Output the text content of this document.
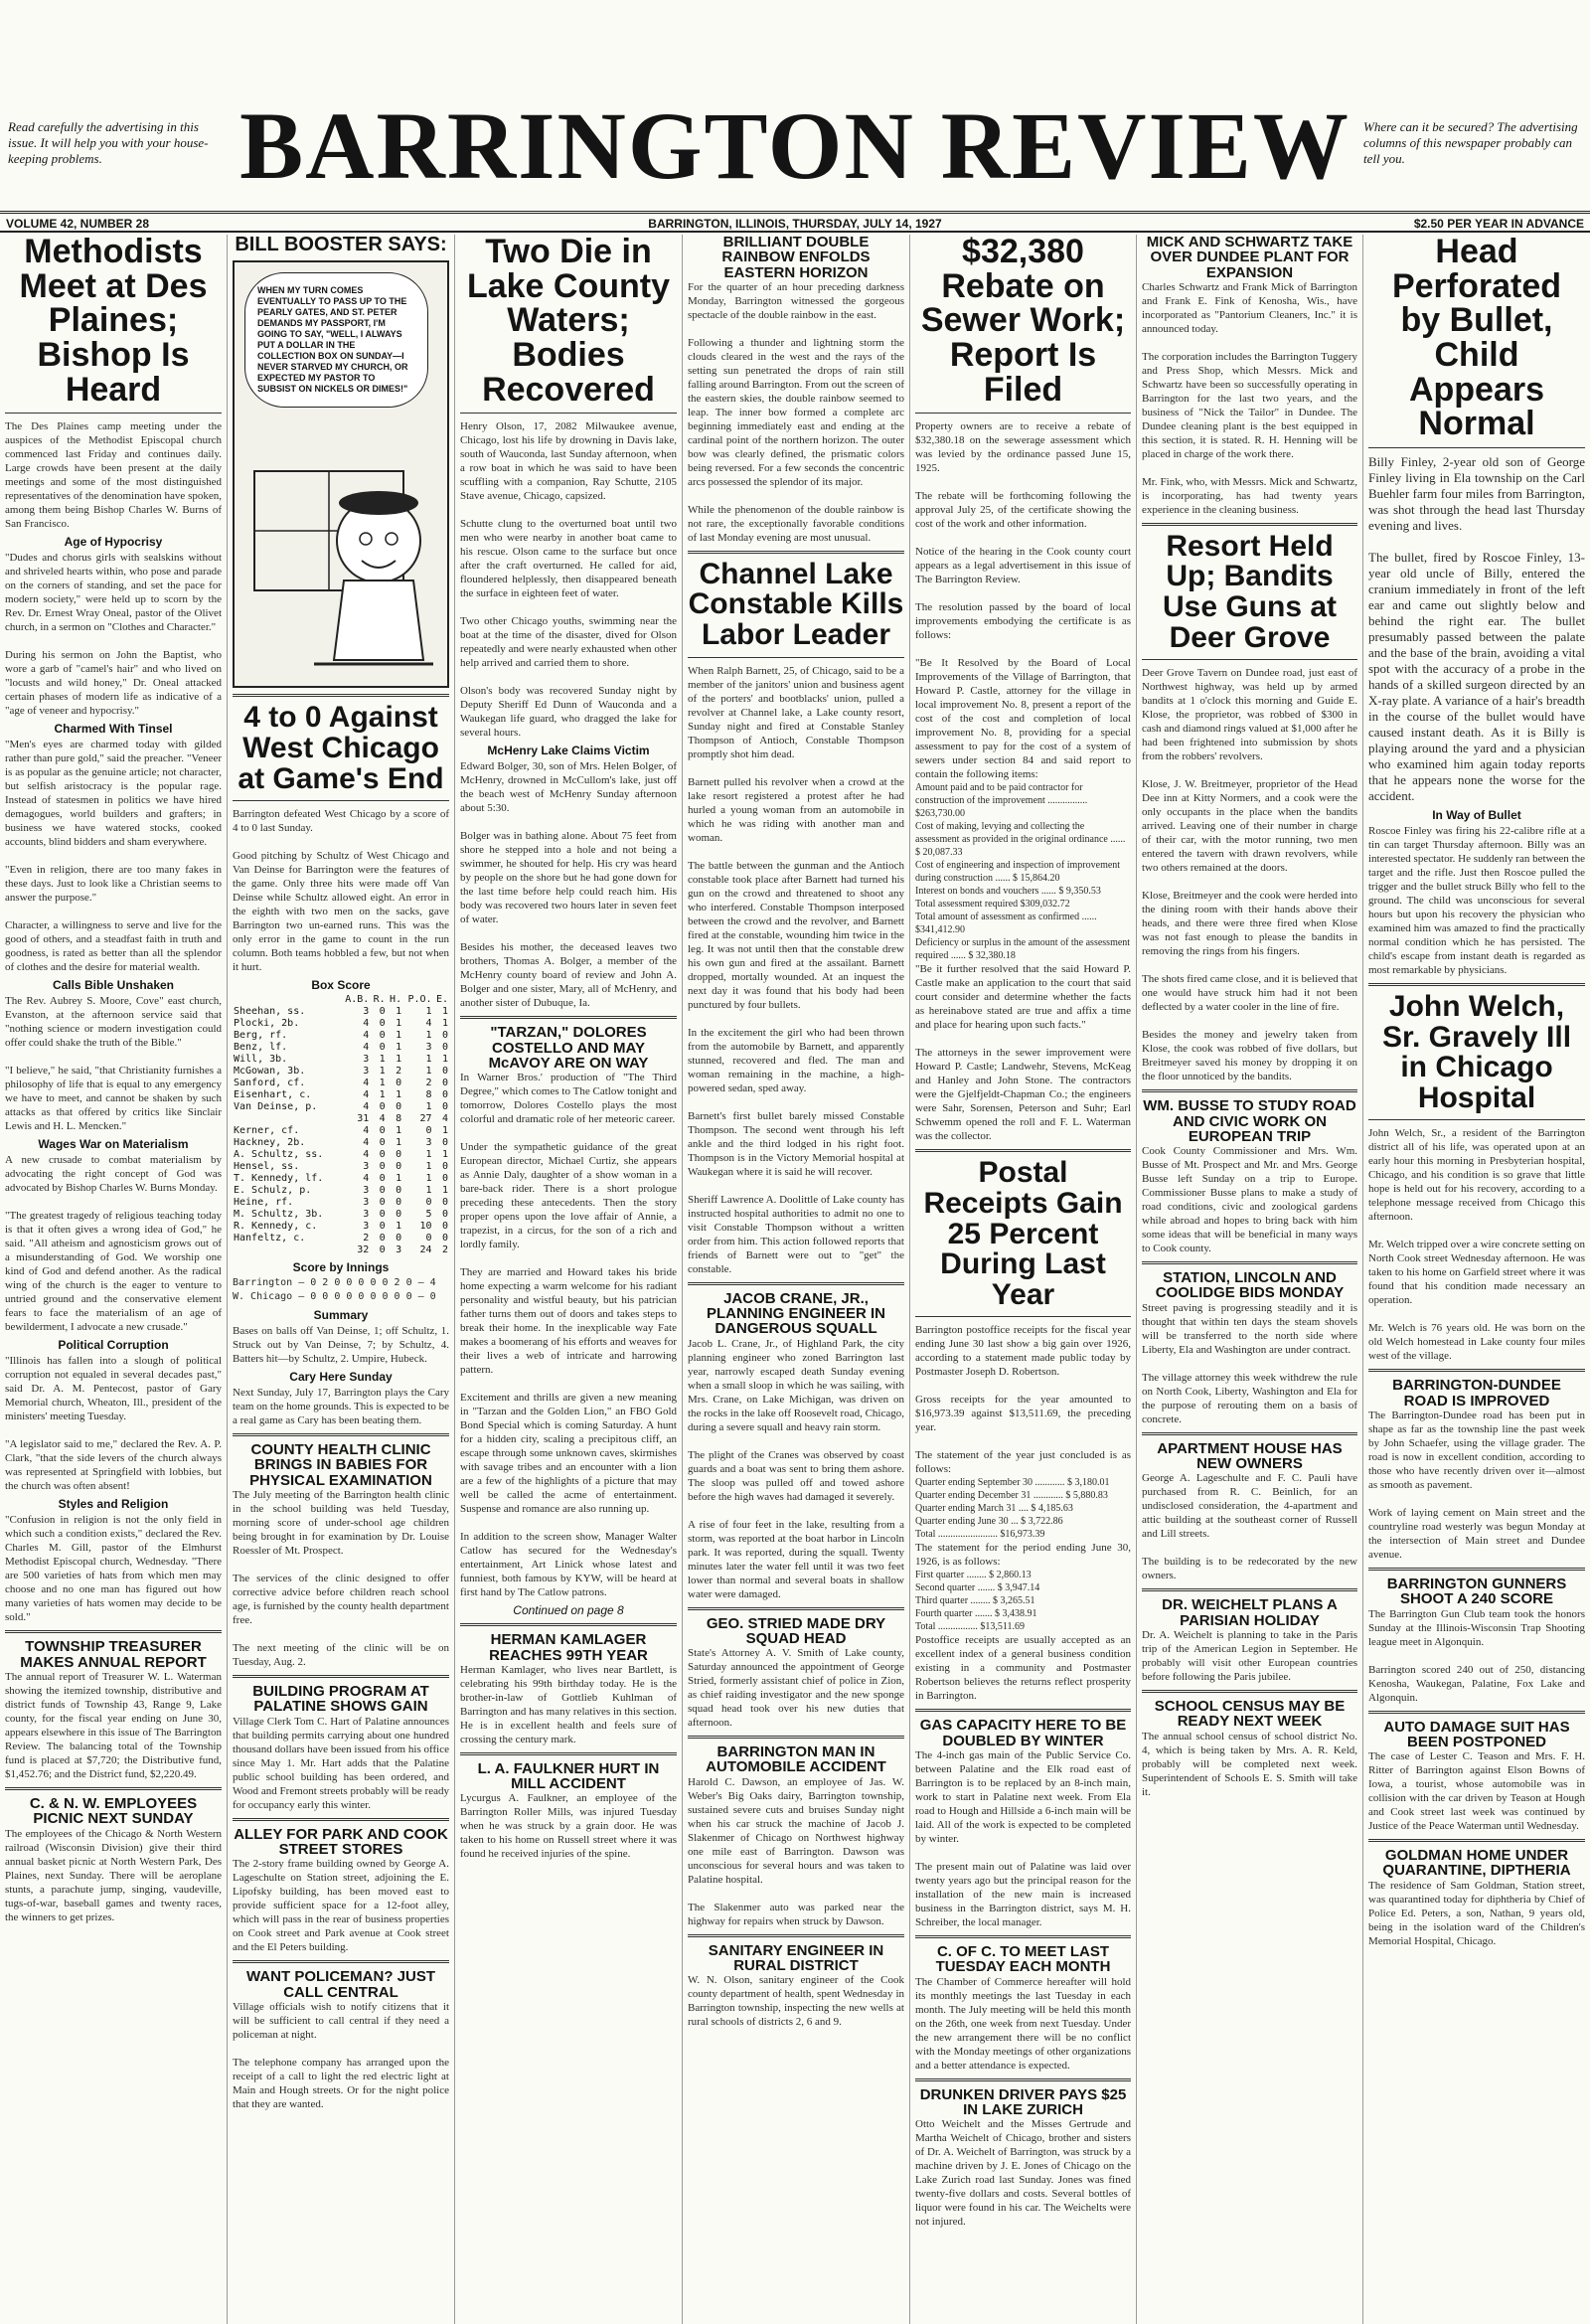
Read carefully the advertising in this issue. It will help you with your house-keeping problems.	BARRINGTON REVIEW	Where can it be secured? The advertising columns of this newspaper probably can tell you.
VOLUME 42, NUMBER 28	BARRINGTON, ILLINOIS, THURSDAY, JULY 14, 1927	$2.50 PER YEAR IN ADVANCE
Methodists Meet at Des Plaines; Bishop Is Heard
The Des Plaines camp meeting under the auspices of the Methodist Episcopal church commenced last Friday and continues daily. Large crowds have been present at the daily meetings and some of the most distinguished representatives of the denomination have spoken, among them being Bishop Charles W. Burns of San Francisco.
Age of Hypocrisy
"Dudes and chorus girls with sealskins without and shriveled hearts within, who pose and parade on the corners of standing, and set the pace for modern society," were held up to scorn by the Rev. Dr. Ernest Wray Oneal, pastor of the Olivet church, in a sermon on "Clothes and Character."

During his sermon on John the Baptist, who wore a garb of "camel's hair" and who lived on "locusts and wild honey," Dr. Oneal attacked certain phases of modern life as indicative of a "age of veneer and hypocrisy."
Charmed With Tinsel
"Men's eyes are charmed today with gilded rather than pure gold," said the preacher. "Veneer is as popular as the genuine article; not character, but selfish aristocracy is the popular rage. Instead of statesmen in politics we have hired demagogues, world builders and grafters; in business we have watered stocks, cooked accounts, blind bidders and sham everywhere.

"Even in religion, there are too many fakes in these days. Just to look like a Christian seems to answer the purpose."

Character, a willingness to serve and live for the good of others, and a steadfast faith in truth and goodness, is rated as better than all the splendor of clothes and the desire for material wealth.
Calls Bible Unshaken
The Rev. Aubrey S. Moore, Cove" east church, Evanston, at the afternoon service said that "nothing science or modern investigation could offer could shake the truth of the Bible."

"I believe," he said, "that Christianity furnishes a philosophy of life that is equal to any emergency we have to meet, and cannot be shaken by such attacks as that offered by critics like Sinclair Lewis and H. L. Mencken."
Wages War on Materialism
A new crusade to combat materialism by advocating the right concept of God was advocated by Bishop Charles W. Burns Monday.

"The greatest tragedy of religious teaching today is that it often gives a wrong idea of God," he said. "All atheism and agnosticism grows out of a misunderstanding of God. We worship one kind of God and defend another. As the radical wing of the church is the eager to venture to untried ground and the conservative element fears to face the materialism of an age of bewilderment, I advocate a new crusade."
Political Corruption
"Illinois has fallen into a slough of political corruption not equaled in several decades past," said Dr. A. M. Pentecost, pastor of Gary Memorial church, Wheaton, Ill., president of the ministers' meeting Tuesday.

"A legislator said to me," declared the Rev. A. P. Clark, "that the side levers of the church always was represented at Springfield with lobbies, but the church was often absent!
Styles and Religion
"Confusion in religion is not the only field in which such a condition exists," declared the Rev. Charles M. Gill, pastor of the Elmhurst Methodist Episcopal church, Wednesday. "There are 500 varieties of hats from which men may choose and no one man has figured out how many varieties of hats women may decide to be sold."
TOWNSHIP TREASURER MAKES ANNUAL REPORT
The annual report of Treasurer W. L. Waterman showing the itemized township, distributive and district funds of Township 43, Range 9, Lake county, for the fiscal year ending on June 30, appears elsewhere in this issue of The Barrington Review. The balancing total of the Township fund is placed at $7,720; the Distributive fund, $1,452.76; and the District fund, $2,220.49.
C. & N. W. EMPLOYEES PICNIC NEXT SUNDAY
The employees of the Chicago & North Western railroad (Wisconsin Division) give their third annual basket picnic at North Western Park, Des Plaines, next Sunday. There will be aeroplane stunts, a parachute jump, singing, vaudeville, tugs-of-war, baseball games and twenty races, the winners to get prizes.
BILL BOOSTER SAYS:
WHEN MY TURN COMES EVENTUALLY TO PASS UP TO THE PEARLY GATES, AND ST. PETER DEMANDS MY PASSPORT, I'M GOING TO SAY, "WELL, I ALWAYS PUT A DOLLAR IN THE COLLECTION BOX ON SUNDAY—I NEVER STARVED MY CHURCH, OR EXPECTED MY PASTOR TO SUBSIST ON NICKELS OR DIMES!"
4 to 0 Against West Chicago at Game's End
Barrington defeated West Chicago by a score of 4 to 0 last Sunday.

Good pitching by Schultz of West Chicago and Van Deinse for Barrington were the features of the game. Only three hits were made off Van Deinse while Schultz allowed eight. An error in the eighth with two men on the sacks, gave Barrington two un-earned runs. This was the only error in the game to count in the run column. Both teams hobbled a few, but not when it hurt.
Box Score
	A.B.	R.	H.	P.O.	E.
Sheehan, ss.	3	0	1	1	1
Plocki, 2b.	4	0	1	4	1
Berg, rf.	4	0	1	1	0
Benz, lf.	4	0	1	3	0
Will, 3b.	3	1	1	1	1
McGowan, 3b.	3	1	2	1	0
Sanford, cf.	4	1	0	2	0
Eisenhart, c.	4	1	1	8	0
Van Deinse, p.	4	0	0	1	0
	31	4	8	27	4
Kerner, cf.	4	0	1	0	1
Hackney, 2b.	4	0	1	3	0
A. Schultz, ss.	4	0	0	1	1
Hensel, ss.	3	0	0	1	0
T. Kennedy, lf.	4	0	1	1	0
E. Schulz, p.	3	0	0	1	1
Heine, rf.	3	0	0	0	0
M. Schultz, 3b.	3	0	0	5	0
R. Kennedy, c.	3	0	1	10	0
Hanfeltz, c.	2	0	0	0	0
	32	0	3	24	2
Score by Innings
Barrington — 0 2 0 0 0 0 0 2 0 — 4
W. Chicago — 0 0 0 0 0 0 0 0 0 — 0
Summary
Bases on balls off Van Deinse, 1; off Schultz, 1. Struck out by Van Deinse, 7; by Schultz, 4. Batters hit—by Schultz, 2. Umpire, Hubeck.
Cary Here Sunday
Next Sunday, July 17, Barrington plays the Cary team on the home grounds. This is expected to be a real game as Cary has been beating them.
COUNTY HEALTH CLINIC BRINGS IN BABIES FOR PHYSICAL EXAMINATION
The July meeting of the Barrington health clinic in the school building was held Tuesday, morning score of under-school age children being brought in for examination by Dr. Louise Roessler of Mt. Prospect.

The services of the clinic designed to offer corrective advice before children reach school age, is furnished by the county health department free.

The next meeting of the clinic will be on Tuesday, Aug. 2.
BUILDING PROGRAM AT PALATINE SHOWS GAIN
Village Clerk Tom C. Hart of Palatine announces that building permits carrying about one hundred thousand dollars have been issued from his office since May 1. Mr. Hart adds that the Palatine public school building has been ordered, and Wood and Fremont streets probably will be ready for occupancy early this winter.
ALLEY FOR PARK AND COOK STREET STORES
The 2-story frame building owned by George A. Lageschulte on Station street, adjoining the E. Lipofsky building, has been moved east to provide sufficient space for a 12-foot alley, which will pass in the rear of business properties on Cook street and Park avenue at Cook street and the El Peters building.
WANT POLICEMAN? JUST CALL CENTRAL
Village officials wish to notify citizens that it will be sufficient to call central if they need a policeman at night.

The telephone company has arranged upon the receipt of a call to light the red electric light at Main and Hough streets. Or for the night police that they are wanted.
Two Die in Lake County Waters; Bodies Recovered
Henry Olson, 17, 2082 Milwaukee avenue, Chicago, lost his life by drowning in Davis lake, south of Wauconda, last Sunday afternoon, when a row boat in which he was said to have been scuffling with a companion, Ray Schutte, 2105 Stave avenue, Chicago, capsized.

Schutte clung to the overturned boat until two men who were nearby in another boat came to his rescue. Olson came to the surface but once after the craft overturned. He called for aid, floundered helplessly, then disappeared beneath the surface in eighteen feet of water.

Two other Chicago youths, swimming near the boat at the time of the disaster, dived for Olson repeatedly and were nearly exhausted when other help arrived and carried them to shore.

Olson's body was recovered Sunday night by Deputy Sheriff Ed Dunn of Wauconda and a Waukegan life guard, who dragged the lake for several hours.
McHenry Lake Claims Victim
Edward Bolger, 30, son of Mrs. Helen Bolger, of McHenry, drowned in McCullom's lake, just off the beach west of McHenry Sunday afternoon about 5:30.

Bolger was in bathing alone. About 75 feet from shore he stepped into a hole and not being a swimmer, he shouted for help. His cry was heard by people on the shore but he had gone down for the last time before help could reach him. His body was recovered two hours later in seven feet of water.

Besides his mother, the deceased leaves two brothers, Thomas A. Bolger, a member of the McHenry county board of review and John A. Bolger and one sister, Mary, all of McHenry, and another sister of Dubuque, Ia.
"TARZAN," DOLORES COSTELLO AND MAY McAVOY ARE ON WAY
In Warner Bros.' production of "The Third Degree," which comes to The Catlow tonight and tomorrow, Dolores Costello plays the most colorful and dramatic role of her meteoric career.

Under the sympathetic guidance of the great European director, Michael Curtiz, she appears as Annie Daly, daughter of a show woman in a bare-back rider. There is a short prologue preceding these antecedents. Then the story proper opens upon the love affair of Annie, a trapezist, in a circus, for the son of a rich and lordly family.

They are married and Howard takes his bride home expecting a warm welcome for his radiant personality and wistful beauty, but his patrician father turns them out of doors and takes steps to break their home. In the inexplicable way Fate makes a boomerang of his efforts and weaves for their lives a web of intricate and harrowing pattern.

Excitement and thrills are given a new meaning in "Tarzan and the Golden Lion," an FBO Gold Bond Special which is coming Saturday. A hunt for a hidden city, scaling a precipitous cliff, an escape through some unknown caves, skirmishes with savage tribes and an encounter with a lion are a few of the highlights of a picture that may well be called the acme of entertainment. Suspense and romance are also running up.

In addition to the screen show, Manager Walter Catlow has secured for the Wednesday's entertainment, Art Linick whose latest and funniest, both famous by KYW, will be heard at first hand by The Catlow patrons.
Continued on page 8
HERMAN KAMLAGER REACHES 99TH YEAR
Herman Kamlager, who lives near Bartlett, is celebrating his 99th birthday today. He is the brother-in-law of Gottlieb Kuhlman of Barrington and has many relatives in this section. He is in excellent health and feels sure of crossing the century mark.
L. A. FAULKNER HURT IN MILL ACCIDENT
Lycurgus A. Faulkner, an employee of the Barrington Roller Mills, was injured Tuesday when he was struck by a grain door. He was taken to his home on Russell street where it was found he received injuries of the spine.
BRILLIANT DOUBLE RAINBOW ENFOLDS EASTERN HORIZON
For the quarter of an hour preceding darkness Monday, Barrington witnessed the gorgeous spectacle of the double rainbow in the east.

Following a thunder and lightning storm the clouds cleared in the west and the rays of the setting sun penetrated the drops of rain still falling around Barrington. From out the screen of the eastern skies, the double rainbow seemed to leap. The inner bow formed a complete arc beginning immediately east and ending at the cardinal point of the northern horizon. The outer bow was clearly defined, the prismatic colors being reversed. For a few seconds the concentric arcs possessed the splendor of its major.

While the phenomenon of the double rainbow is not rare, the exceptionally favorable conditions of last Monday evening are most unusual.
Channel Lake Constable Kills Labor Leader
When Ralph Barnett, 25, of Chicago, said to be a member of the janitors' union and business agent of the porters' and bootblacks' union, pulled a revolver at Channel lake, a Lake county resort, Sunday night and fired at Constable Stanley Thompson of Antioch, Constable Thompson promptly shot him dead.

Barnett pulled his revolver when a crowd at the lake resort registered a protest after he had hurled a young woman from an automobile in which he was riding with another man and woman.

The battle between the gunman and the Antioch constable took place after Barnett had turned his gun on the crowd and threatened to shoot any who interfered. Constable Thompson interposed between the crowd and the revolver, and Barnett fired at the constable, wounding him twice in the leg. It was not until then that the constable drew his own gun and fired at the assailant. Barnett dropped, mortally wounded. At an inquest the next day it was found that his body had been punctured by four bullets.

In the excitement the girl who had been thrown from the automobile by Barnett, and apparently stunned, recovered and fled. The man and woman remaining in the machine, a high-powered sedan, sped away.

Barnett's first bullet barely missed Constable Thompson. The second went through his left ankle and the third lodged in his right foot. Thompson is in the Victory Memorial hospital at Waukegan where it is said he will recover.

Sheriff Lawrence A. Doolittle of Lake county has instructed hospital authorities to admit no one to visit Constable Thompson without a written order from him. This action followed reports that friends of Barnett were out to "get" the constable.
JACOB CRANE, JR., PLANNING ENGINEER IN DANGEROUS SQUALL
Jacob L. Crane, Jr., of Highland Park, the city planning engineer who zoned Barrington last year, narrowly escaped death Sunday evening when a small sloop in which he was sailing, with Mrs. Crane, on Lake Michigan, was driven on the rocks in the lake off Roosevelt road, Chicago, during a severe squall and heavy rain storm.

The plight of the Cranes was observed by coast guards and a boat was sent to bring them ashore. The sloop was pulled off and towed ashore before the high waves had damaged it severely.

A rise of four feet in the lake, resulting from a storm, was reported at the boat harbor in Lincoln park. It was reported, during the squall. Twenty minutes later the water fell until it was two feet lower than normal and several boats in shallow water were damaged.
GEO. STRIED MADE DRY SQUAD HEAD
State's Attorney A. V. Smith of Lake county, Saturday announced the appointment of George Stried, formerly assistant chief of police in Zion, as chief raiding investigator and the new sponge squad head took over his new duties that afternoon.
BARRINGTON MAN IN AUTOMOBILE ACCIDENT
Harold C. Dawson, an employee of Jas. W. Weber's Big Oaks dairy, Barrington township, sustained severe cuts and bruises Sunday night when his car struck the machine of Jacob J. Slakenmer of Chicago on Northwest highway one mile east of Barrington. Dawson was unconscious for several hours and was taken to Palatine hospital.

The Slakenmer auto was parked near the highway for repairs when struck by Dawson.
SANITARY ENGINEER IN RURAL DISTRICT
W. N. Olson, sanitary engineer of the Cook county department of health, spent Wednesday in Barrington township, inspecting the new wells at rural schools of districts 2, 6 and 9.
$32,380 Rebate on Sewer Work; Report Is Filed
Property owners are to receive a rebate of $32,380.18 on the sewerage assessment which was levied by the ordinance passed June 15, 1925.

The rebate will be forthcoming following the approval July 25, of the certificate showing the cost of the work and other information.

Notice of the hearing in the Cook county court appears as a legal advertisement in this issue of The Barrington Review.

The resolution passed by the board of local improvements embodying the certificate is as follows:

"Be It Resolved by the Board of Local Improvements of the Village of Barrington, that Howard P. Castle, attorney for the village in local improvement No. 8, present a report of the cost of the cost and completion of local improvement No. 8, providing for a special assessment to pay for the cost of a system of sewers under section 84 and said report to contain the following items:
Amount paid and to be paid contractor for construction of the improvement ................ $263,730.00
Cost of making, levying and collecting the assessment as provided in the original ordinance ...... $ 20,087.33
Cost of engineering and inspection of improvement during construction ...... $ 15,864.20
Interest on bonds and vouchers ...... $ 9,350.53
Total assessment required $309,032.72
Total amount of assessment as confirmed ...... $341,412.90
Deficiency or surplus in the amount of the assessment required ...... $ 32,380.18
"Be it further resolved that the said Howard P. Castle make an application to the court that said court consider and determine whether the facts as hereinabove stated are true and affix a time and place for hearing upon such facts."

The attorneys in the sewer improvement were Howard P. Castle; Landwehr, Stevens, McKeag and Hanley and John Stone. The contractors were the Gjelfjeldt-Chapman Co.; the engineers were Sahr, Sorensen, Peterson and Suhr; Earl Schwemm opened the roll and F. L. Waterman was the collector.
Postal Receipts Gain 25 Percent During Last Year
Barrington postoffice receipts for the fiscal year ending June 30 last show a big gain over 1926, according to a statement made public today by Postmaster Joseph D. Robertson.

Gross receipts for the year amounted to $16,973.39 against $13,511.69, the preceding year.

The statement of the year just concluded is as follows:
Quarter ending September 30 ............ $ 3,180.01
Quarter ending December 31 ............ $ 5,880.83
Quarter ending March 31 .... $ 4,185.63
Quarter ending June 30 ... $ 3,722.86
Total ........................ $16,973.39
The statement for the period ending June 30, 1926, is as follows:
First quarter ........ $ 2,860.13
Second quarter ....... $ 3,947.14
Third quarter ........ $ 3,265.51
Fourth quarter ....... $ 3,438.91
Total ................ $13,511.69
Postoffice receipts are usually accepted as an excellent index of a general business condition existing in a community and Postmaster Robertson believes the returns reflect prosperity in Barrington.
GAS CAPACITY HERE TO BE DOUBLED BY WINTER
The 4-inch gas main of the Public Service Co. between Palatine and the Elk road east of Barrington is to be replaced by an 8-inch main, work to start in Palatine next week. From Ela road to Hough and Hillside a 6-inch main will be laid. All of the work is expected to be completed by winter.

The present main out of Palatine was laid over twenty years ago but the principal reason for the installation of the new main is increased business in the Barrington district, says M. H. Schreiber, the local manager.
C. OF C. TO MEET LAST TUESDAY EACH MONTH
The Chamber of Commerce hereafter will hold its monthly meetings the last Tuesday in each month. The July meeting will be held this month on the 26th, one week from next Tuesday. Under the new arrangement there will be no conflict with the Monday meetings of other organizations and a better attendance is expected.
DRUNKEN DRIVER PAYS $25 IN LAKE ZURICH
Otto Weichelt and the Misses Gertrude and Martha Weichelt of Chicago, brother and sisters of Dr. A. Weichelt of Barrington, was struck by a machine driven by J. E. Jones of Chicago on the Lake Zurich road last Sunday. Jones was fined twenty-five dollars and costs. Several bottles of liquor were found in his car. The Weichelts were not injured.
MICK AND SCHWARTZ TAKE OVER DUNDEE PLANT FOR EXPANSION
Charles Schwartz and Frank Mick of Barrington and Frank E. Fink of Kenosha, Wis., have incorporated as "Pantorium Cleaners, Inc." it is announced today.

The corporation includes the Barrington Tuggery and Press Shop, which Messrs. Mick and Schwartz have been so successfully operating in Barrington for the last two years, and the business of "Nick the Tailor" in Dundee. The Dundee cleaning plant is the best equipped in this section, it is stated. R. H. Henning will be placed in charge of the work there.

Mr. Fink, who, with Messrs. Mick and Schwartz, is incorporating, has had twenty years experience in the cleaning business.
Resort Held Up; Bandits Use Guns at Deer Grove
Deer Grove Tavern on Dundee road, just east of Northwest highway, was held up by armed bandits at 1 o'clock this morning and Guide E. Klose, the proprietor, was robbed of $300 in cash and diamond rings valued at $1,000 after he had been frightened into submission by shots from the robbers' revolvers.

Klose, J. W. Breitmeyer, proprietor of the Head Dee inn at Kitty Normers, and a cook were the only occupants in the place when the bandits arrived. Leaving one of their number in charge of their car, with the motor running, two men entered the tavern with drawn revolvers, while two others remained at the doors.

Klose, Breitmeyer and the cook were herded into the dining room with their hands above their heads, and there were three fired when Klose was not fast enough to please the bandits in removing the rings from his fingers.

The shots fired came close, and it is believed that one would have struck him had it not been deflected by a water cooler in the line of fire.

Besides the money and jewelry taken from Klose, the cook was robbed of five dollars, but Breitmeyer saved his money by dropping it on the floor unnoticed by the bandits.
WM. BUSSE TO STUDY ROAD AND CIVIC WORK ON EUROPEAN TRIP
Cook County Commissioner and Mrs. Wm. Busse of Mt. Prospect and Mr. and Mrs. George Busse left Sunday on a trip to Europe. Commissioner Busse plans to make a study of road conditions, civic and zoological gardens while abroad and hopes to bring back with him some ideas that will be beneficial in many ways to Cook county.
STATION, LINCOLN AND COOLIDGE BIDS MONDAY
Street paving is progressing steadily and it is thought that within ten days the steam shovels will be transferred to the north side where Liberty, Ela and Washington are under contract.

The village attorney this week withdrew the rule on North Cook, Liberty, Washington and Ela for the purpose of rerouting them on a basis of concrete.
APARTMENT HOUSE HAS NEW OWNERS
George A. Lageschulte and F. C. Pauli have purchased from R. C. Beinlich, for an undisclosed consideration, the 4-apartment and attic building at the southeast corner of Russell and Lill streets.

The building is to be redecorated by the new owners.
DR. WEICHELT PLANS A PARISIAN HOLIDAY
Dr. A. Weichelt is planning to take in the Paris trip of the American Legion in September. He probably will visit other European countries before following the Paris jubilee.
SCHOOL CENSUS MAY BE READY NEXT WEEK
The annual school census of school district No. 4, which is being taken by Mrs. A. R. Keld, probably will be completed next week. Superintendent of Schools E. S. Smith will take it.
Head Perforated by Bullet, Child Appears Normal
Billy Finley, 2-year old son of George Finley living in Ela township on the Carl Buehler farm four miles from Barrington, was shot through the head last Thursday evening and lives.

The bullet, fired by Roscoe Finley, 13-year old uncle of Billy, entered the cranium immediately in front of the left ear and came out slightly below and behind the right ear. The bullet presumably passed between the palate and the base of the brain, avoiding a vital spot with the accuracy of a probe in the hands of a skilled surgeon directed by an X-ray plate. A variance of a hair's breadth in the course of the bullet would have caused instant death. As it is Billy is playing around the yard and a physician who examined him again today reports that he appears none the worse for the accident.
In Way of Bullet
Roscoe Finley was firing his 22-calibre rifle at a tin can target Thursday afternoon. Billy was an interested spectator. He suddenly ran between the target and the rifle. Just then Roscoe pulled the trigger and the bullet struck Billy who fell to the ground. The child was unconscious for several hours but upon his recovery the physician who examined him was amazed to find the practically normal condition which he has persisted. The child's escape from instant death is regarded as most remarkable by physicians.
John Welch, Sr. Gravely Ill in Chicago Hospital
John Welch, Sr., a resident of the Barrington district all of his life, was operated upon at an early hour this morning in Presbyterian hospital, Chicago, and his condition is so grave that little hope is held out for his recovery, according to a telephone message received from Chicago this afternoon.

Mr. Welch tripped over a wire concrete setting on North Cook street Wednesday afternoon. He was taken to his home on Garfield street where it was found that his condition made necessary an operation.

Mr. Welch is 76 years old. He was born on the old Welch homestead in Lake county four miles west of the village.
BARRINGTON-DUNDEE ROAD IS IMPROVED
The Barrington-Dundee road has been put in shape as far as the township line the past week by John Schaefer, using the village grader. The road is now in excellent condition, according to those who have recently driven over it—almost as smooth as pavement.

Work of laying cement on Main street and the countryline road westerly was begun Monday at the intersection of Main street and Dundee avenue.
BARRINGTON GUNNERS SHOOT A 240 SCORE
The Barrington Gun Club team took the honors Sunday at the Illinois-Wisconsin Trap Shooting league meet in Algonquin.

Barrington scored 240 out of 250, distancing Kenosha, Waukegan, Palatine, Fox Lake and Algonquin.
AUTO DAMAGE SUIT HAS BEEN POSTPONED
The case of Lester C. Teason and Mrs. F. H. Ritter of Barrington against Elson Bowns of Iowa, a tourist, whose automobile was in collision with the car driven by Teason at Hough and Cook street last week was continued by Justice of the Peace Waterman until Wednesday.
GOLDMAN HOME UNDER QUARANTINE, DIPTHERIA
The residence of Sam Goldman, Station street, was quarantined today for diphtheria by Chief of Police Ed. Peters, a son, Nathan, 9 years old, being in the isolation ward of the Children's Memorial Hospital, Chicago.
